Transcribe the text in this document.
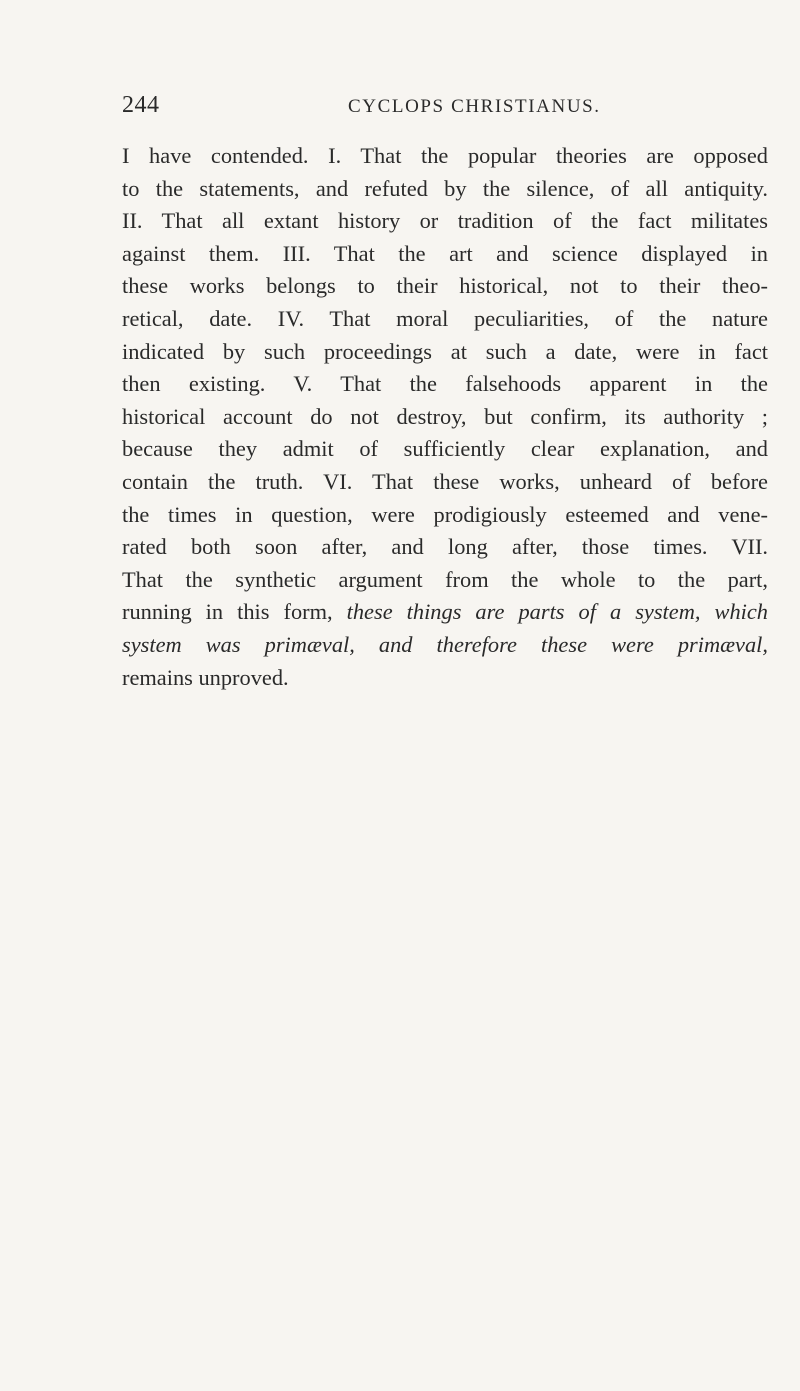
244	CYCLOPS CHRISTIANUS.
I have contended. I. That the popular theories are opposed
to the statements, and refuted by the silence, of all antiquity.
II. That all extant history or tradition of the fact militates
against them. III. That the art and science displayed in
these works belongs to their historical, not to their theo-
retical, date. IV. That moral peculiarities, of the nature
indicated by such proceedings at such a date, were in fact
then existing. V. That the falsehoods apparent in the
historical account do not destroy, but confirm, its authority ;
because they admit of sufficiently clear explanation, and
contain the truth. VI. That these works, unheard of before
the times in question, were prodigiously esteemed and vene-
rated both soon after, and long after, those times. VII.
That the synthetic argument from the whole to the part,
running in this form, these things are parts of a system, which
system was primæval, and therefore these were primæval,
remains unproved.
